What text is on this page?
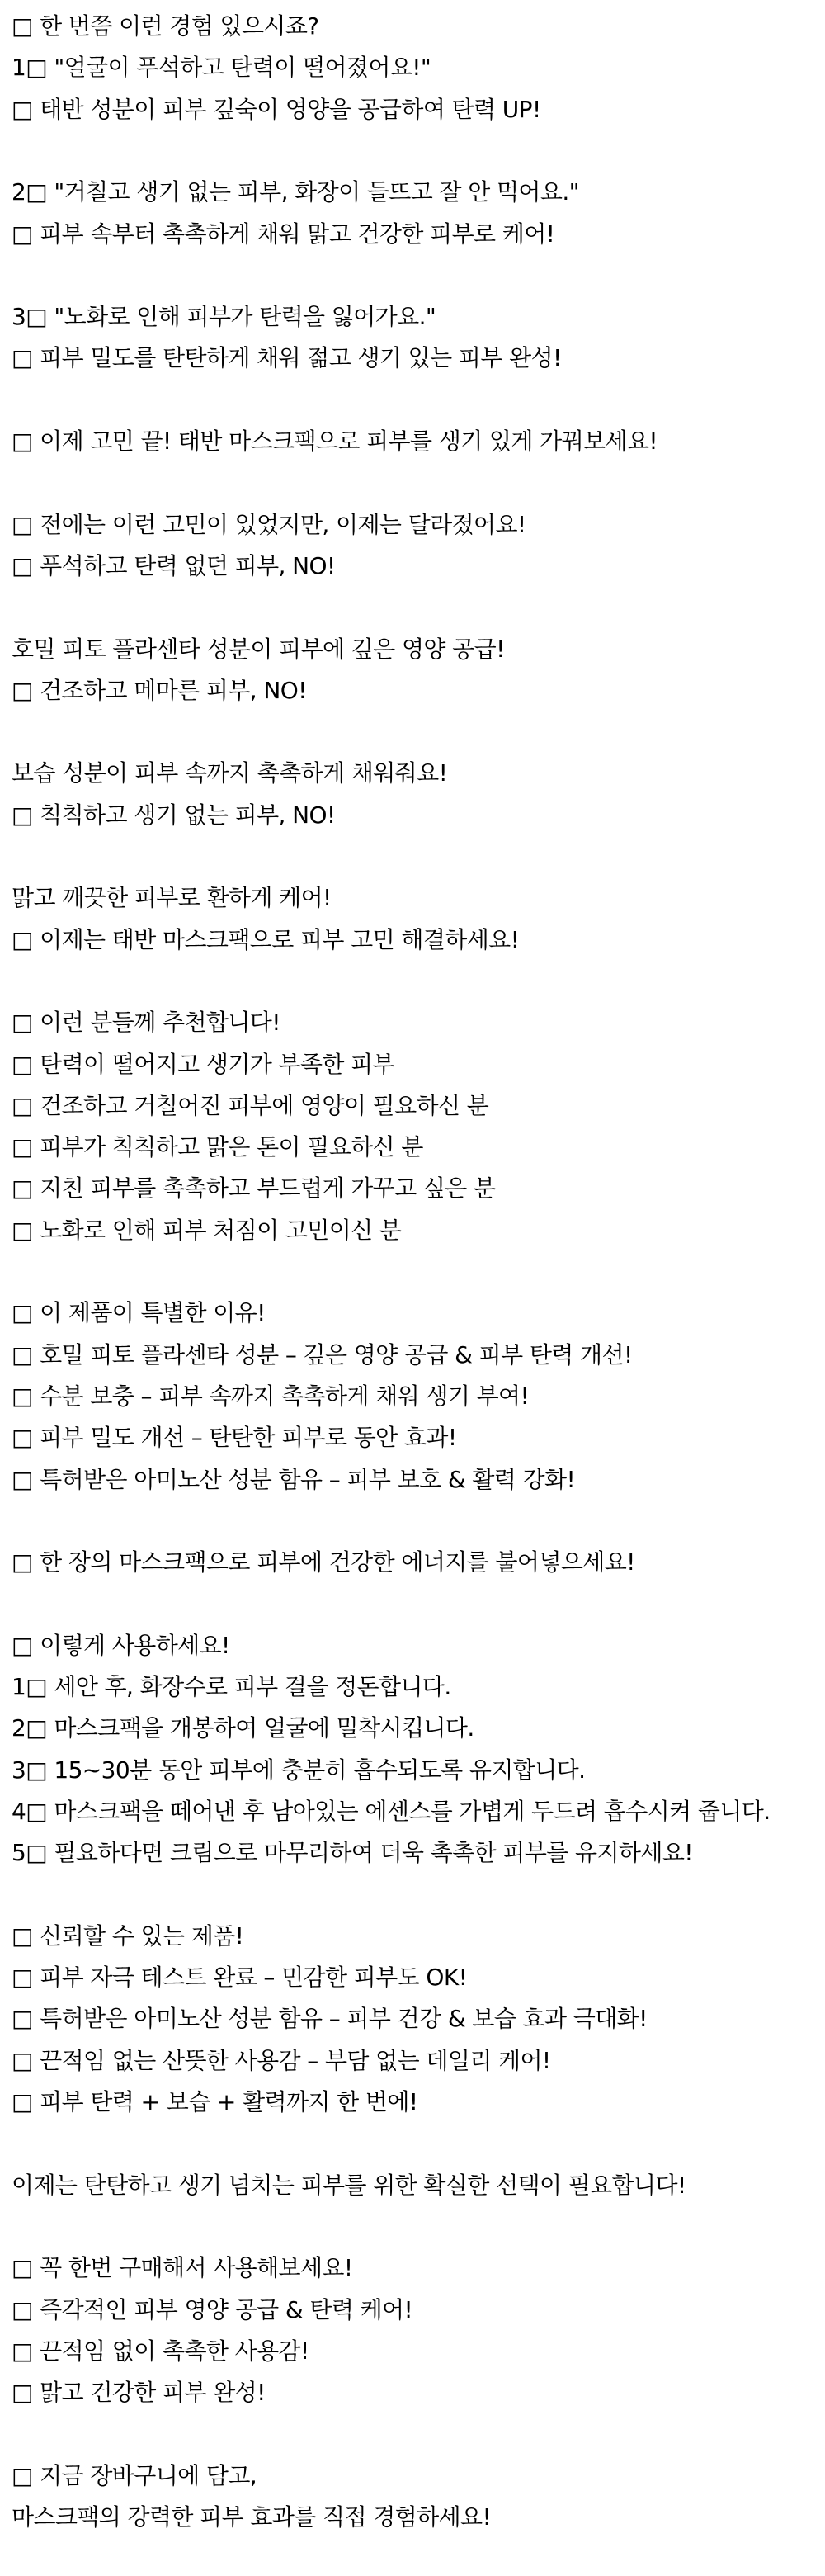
□ 한 번쯤 이런 경험 있으시죠?
1□ "얼굴이 푸석하고 탄력이 떨어졌어요!"
□ 태반 성분이 피부 깊숙이 영양을 공급하여 탄력 UP!
2□ "거칠고 생기 없는 피부, 화장이 들뜨고 잘 안 먹어요."
□ 피부 속부터 촉촉하게 채워 맑고 건강한 피부로 케어!
3□ "노화로 인해 피부가 탄력을 잃어가요."
□ 피부 밀도를 탄탄하게 채워 젊고 생기 있는 피부 완성!
□ 이제 고민 끝! 태반 마스크팩으로 피부를 생기 있게 가꿔보세요!
□ 전에는 이런 고민이 있었지만, 이제는 달라졌어요!
□ 푸석하고 탄력 없던 피부, NO!
호밀 피토 플라센타 성분이 피부에 깊은 영양 공급!
□ 건조하고 메마른 피부, NO!
보습 성분이 피부 속까지 촉촉하게 채워줘요!
□ 칙칙하고 생기 없는 피부, NO!
맑고 깨끗한 피부로 환하게 케어!
□ 이제는 태반 마스크팩으로 피부 고민 해결하세요!
□ 이런 분들께 추천합니다!
□ 탄력이 떨어지고 생기가 부족한 피부
□ 건조하고 거칠어진 피부에 영양이 필요하신 분
□ 피부가 칙칙하고 맑은 톤이 필요하신 분
□ 지친 피부를 촉촉하고 부드럽게 가꾸고 싶은 분
□ 노화로 인해 피부 처짐이 고민이신 분
□ 이 제품이 특별한 이유!
□ 호밀 피토 플라센타 성분 – 깊은 영양 공급 & 피부 탄력 개선!
□ 수분 보충 – 피부 속까지 촉촉하게 채워 생기 부여!
□ 피부 밀도 개선 – 탄탄한 피부로 동안 효과!
□ 특허받은 아미노산 성분 함유 – 피부 보호 & 활력 강화!
□ 한 장의 마스크팩으로 피부에 건강한 에너지를 불어넣으세요!
□ 이렇게 사용하세요!
1□ 세안 후, 화장수로 피부 결을 정돈합니다.
2□ 마스크팩을 개봉하여 얼굴에 밀착시킵니다.
3□ 15~30분 동안 피부에 충분히 흡수되도록 유지합니다.
4□ 마스크팩을 떼어낸 후 남아있는 에센스를 가볍게 두드려 흡수시켜 줍니다.
5□ 필요하다면 크림으로 마무리하여 더욱 촉촉한 피부를 유지하세요!
□ 신뢰할 수 있는 제품!
□ 피부 자극 테스트 완료 – 민감한 피부도 OK!
□ 특허받은 아미노산 성분 함유 – 피부 건강 & 보습 효과 극대화!
□ 끈적임 없는 산뜻한 사용감 – 부담 없는 데일리 케어!
□ 피부 탄력 + 보습 + 활력까지 한 번에!
이제는 탄탄하고 생기 넘치는 피부를 위한 확실한 선택이 필요합니다!
□ 꼭 한번 구매해서 사용해보세요!
□ 즉각적인 피부 영양 공급 & 탄력 케어!
□ 끈적임 없이 촉촉한 사용감!
□ 맑고 건강한 피부 완성!
□ 지금 장바구니에 담고,
마스크팩의 강력한 피부 효과를 직접 경험하세요!
